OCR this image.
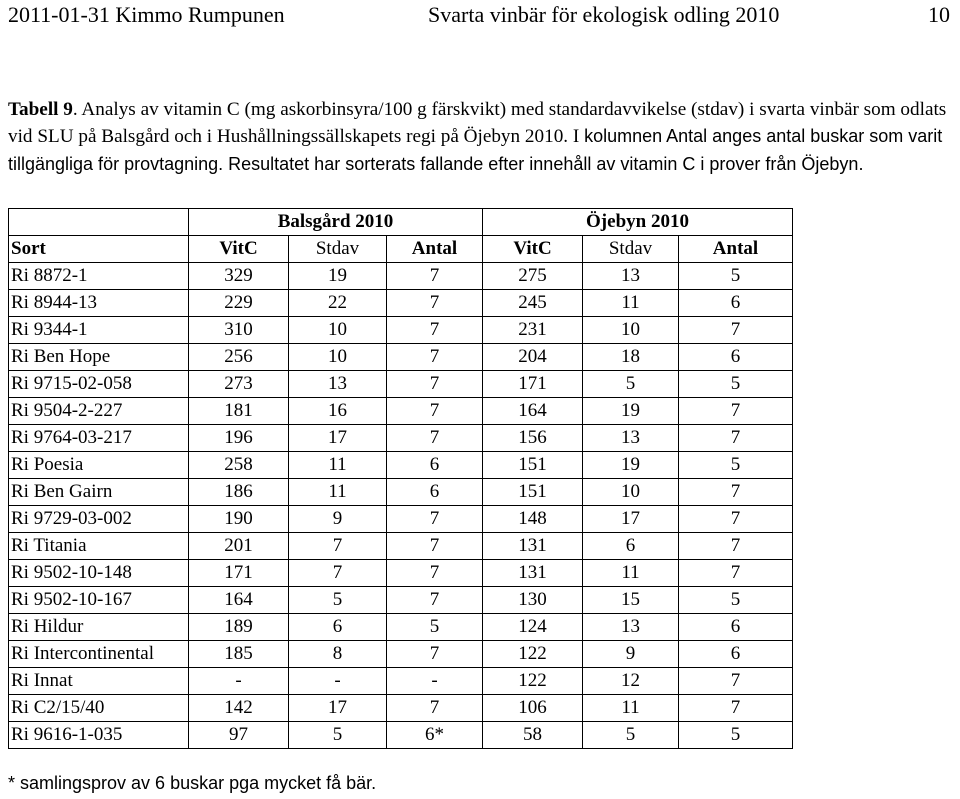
2011-01-31 Kimmo Rumpunen	Svarta vinbär för ekologisk odling 2010	10
Tabell 9. Analys av vitamin C (mg askorbinsyra/100 g färskvikt) med standardavvikelse (stdav) i svarta vinbär som odlats vid SLU på Balsgård och i Hushållningssällskapets regi på Öjebyn 2010. I kolumnen Antal anges antal buskar som varit tillgängliga för provtagning. Resultatet har sorterats fallande efter innehåll av vitamin C i prover från Öjebyn.
	Balsgård 2010			Öjebyn 2010		
Sort	VitC	Stdav	Antal	VitC	Stdav	Antal
Ri 8872-1	329	19	7	275	13	5
Ri 8944-13	229	22	7	245	11	6
Ri 9344-1	310	10	7	231	10	7
Ri Ben Hope	256	10	7	204	18	6
Ri 9715-02-058	273	13	7	171	5	5
Ri 9504-2-227	181	16	7	164	19	7
Ri 9764-03-217	196	17	7	156	13	7
Ri Poesia	258	11	6	151	19	5
Ri Ben Gairn	186	11	6	151	10	7
Ri 9729-03-002	190	9	7	148	17	7
Ri Titania	201	7	7	131	6	7
Ri 9502-10-148	171	7	7	131	11	7
Ri 9502-10-167	164	5	7	130	15	5
Ri Hildur	189	6	5	124	13	6
Ri Intercontinental	185	8	7	122	9	6
Ri Innat	-	-	-	122	12	7
Ri C2/15/40	142	17	7	106	11	7
Ri 9616-1-035	97	5	6*	58	5	5
* samlingsprov av 6 buskar pga mycket få bär.
